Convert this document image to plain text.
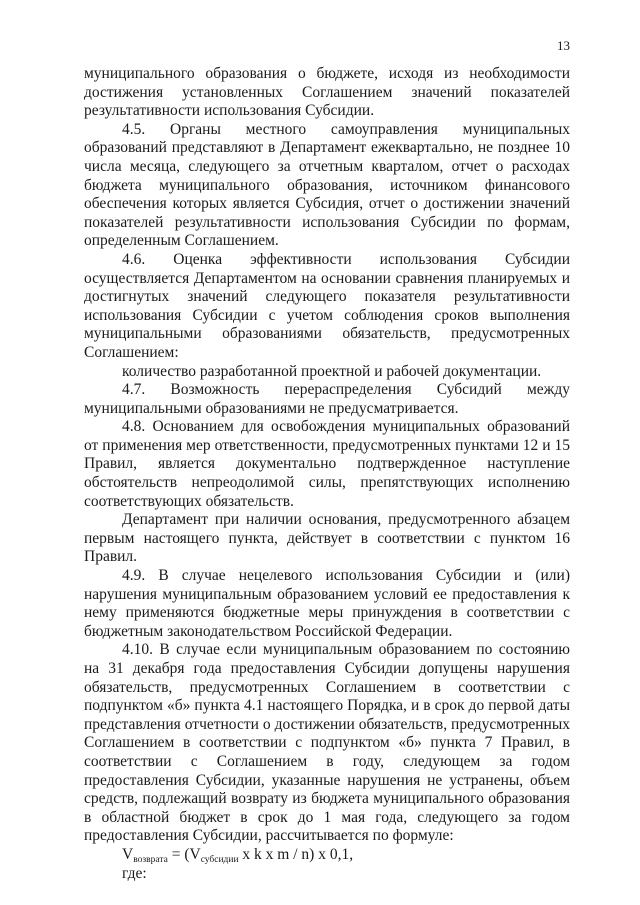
13

муниципального образования о бюджете, исходя из необходимости достижения установленных Соглашением значений показателей результативности использования Субсидии.

4.5. Органы местного самоуправления муниципальных образований представляют в Департамент ежеквартально, не позднее 10 числа месяца, следующего за отчетным кварталом, отчет о расходах бюджета муниципального образования, источником финансового обеспечения которых является Субсидия, отчет о достижении значений показателей результативности использования Субсидии по формам, определенным Соглашением.

4.6. Оценка эффективности использования Субсидии осуществляется Департаментом на основании сравнения планируемых и достигнутых значений следующего показателя результативности использования Субсидии с учетом соблюдения сроков выполнения муниципальными образованиями обязательств, предусмотренных Соглашением:

количество разработанной проектной и рабочей документации.

4.7. Возможность перераспределения Субсидий между муниципальными образованиями не предусматривается.

4.8. Основанием для освобождения муниципальных образований от применения мер ответственности, предусмотренных пунктами 12 и 15 Правил, является документально подтвержденное наступление обстоятельств непреодолимой силы, препятствующих исполнению соответствующих обязательств.

Департамент при наличии основания, предусмотренного абзацем первым настоящего пункта, действует в соответствии с пунктом 16 Правил.

4.9. В случае нецелевого использования Субсидии и (или) нарушения муниципальным образованием условий ее предоставления к нему применяются бюджетные меры принуждения в соответствии с бюджетным законодательством Российской Федерации.

4.10. В случае если муниципальным образованием по состоянию на 31 декабря года предоставления Субсидии допущены нарушения обязательств, предусмотренных Соглашением в соответствии с подпунктом «б» пункта 4.1 настоящего Порядка, и в срок до первой даты представления отчетности о достижении обязательств, предусмотренных Соглашением в соответствии с подпунктом «б» пункта 7 Правил, в соответствии с Соглашением в году, следующем за годом предоставления Субсидии, указанные нарушения не устранены, объем средств, подлежащий возврату из бюджета муниципального образования в областной бюджет в срок до 1 мая года, следующего за годом предоставления Субсидии, рассчитывается по формуле:

$V_{возврата} = (V_{субсидии}$ x k x m / n) x 0,1,

где:
